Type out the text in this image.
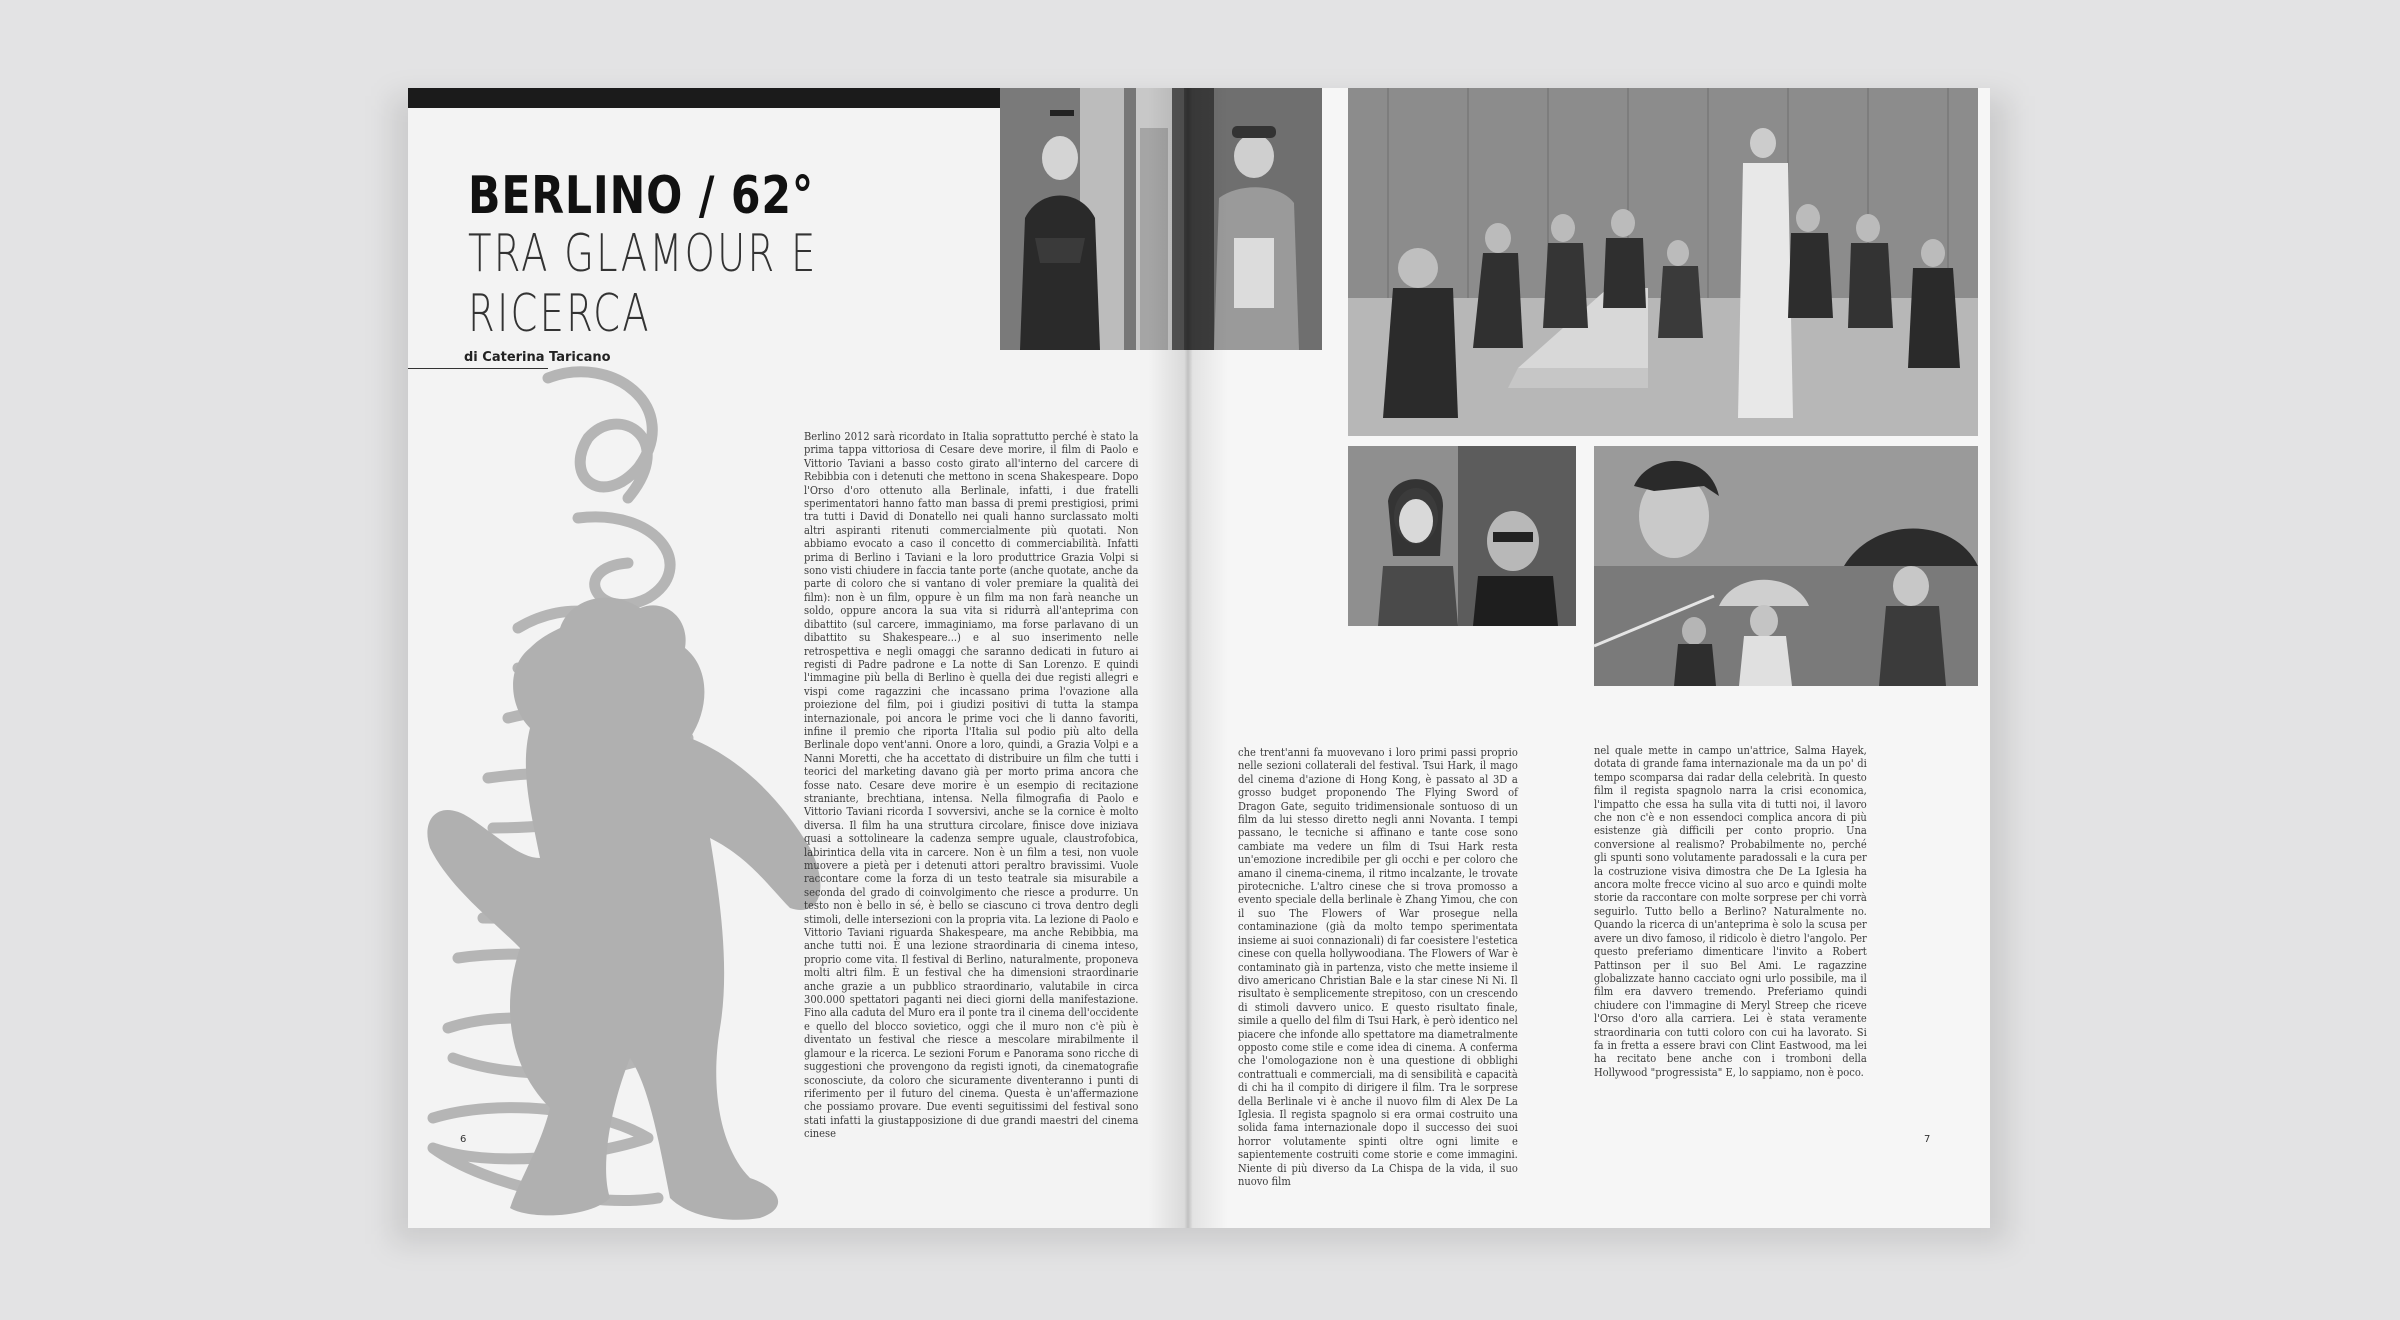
BERLINO / 62°
TRA GLAMOUR E RICERCA
di Caterina Taricano

Berlino 2012 sarà ricordato in Italia soprattutto perché è stato la prima tappa vittoriosa di Cesare deve morire, il film di Paolo e Vittorio Taviani a basso costo girato all'interno del carcere di Rebibbia con i detenuti che mettono in scena Shakespeare. Dopo l'Orso d'oro ottenuto alla Berlinale, infatti, i due fratelli sperimentatori hanno fatto man bassa di premi prestigiosi, primi tra tutti i David di Donatello nei quali hanno surclassato molti altri aspiranti ritenuti commercialmente più quotati. Non abbiamo evocato a caso il concetto di commerciabilità. Infatti prima di Berlino i Taviani e la loro produttrice Grazia Volpi si sono visti chiudere in faccia tante porte (anche quotate, anche da parte di coloro che si vantano di voler premiare la qualità dei film): non è un film, oppure è un film ma non farà neanche un soldo, oppure ancora la sua vita si ridurrà all'anteprima con dibattito (sul carcere, immaginiamo, ma forse parlavano di un dibattito su Shakespeare...) e al suo inserimento nelle retrospettiva e negli omaggi che saranno dedicati in futuro ai registi di Padre padrone e La notte di San Lorenzo. E quindi l'immagine più bella di Berlino è quella dei due registi allegri e vispi come ragazzini che incassano prima l'ovazione alla proiezione del film, poi i giudizi positivi di tutta la stampa internazionale, poi ancora le prime voci che li danno favoriti, infine il premio che riporta l'Italia sul podio più alto della Berlinale dopo vent'anni. Onore a loro, quindi, a Grazia Volpi e a Nanni Moretti, che ha accettato di distribuire un film che tutti i teorici del marketing davano già per morto prima ancora che fosse nato. Cesare deve morire è un esempio di recitazione straniante, brechtiana, intensa. Nella filmografia di Paolo e Vittorio Taviani ricorda I sovversivi, anche se la cornice è molto diversa. Il film ha una struttura circolare, finisce dove iniziava quasi a sottolineare la cadenza sempre uguale, claustrofobica, labirintica della vita in carcere. Non è un film a tesi, non vuole muovere a pietà per i detenuti attori peraltro bravissimi. Vuole raccontare come la forza di un testo teatrale sia misurabile a seconda del grado di coinvolgimento che riesce a produrre. Un testo non è bello in sé, è bello se ciascuno ci trova dentro degli stimoli, delle intersezioni con la propria vita. La lezione di Paolo e Vittorio Taviani riguarda Shakespeare, ma anche Rebibbia, ma anche tutti noi. È una lezione straordinaria di cinema inteso, proprio come vita. Il festival di Berlino, naturalmente, proponeva molti altri film. È un festival che ha dimensioni straordinarie anche grazie a un pubblico straordinario, valutabile in circa 300.000 spettatori paganti nei dieci giorni della manifestazione. Fino alla caduta del Muro era il ponte tra il cinema dell'occidente e quello del blocco sovietico, oggi che il muro non c'è più è diventato un festival che riesce a mescolare mirabilmente il glamour e la ricerca. Le sezioni Forum e Panorama sono ricche di suggestioni che provengono da registi ignoti, da cinematografie sconosciute, da coloro che sicuramente diventeranno i punti di riferimento per il futuro del cinema. Questa è un'affermazione che possiamo provare. Due eventi seguitissimi del festival sono stati infatti la giustapposizione di due grandi maestri del cinema cinese

6

che trent'anni fa muovevano i loro primi passi proprio nelle sezioni collaterali del festival. Tsui Hark, il mago del cinema d'azione di Hong Kong, è passato al 3D a grosso budget proponendo The Flying Sword of Dragon Gate, seguito tridimensionale sontuoso di un film da lui stesso diretto negli anni Novanta. I tempi passano, le tecniche si affinano e tante cose sono cambiate ma vedere un film di Tsui Hark resta un'emozione incredibile per gli occhi e per coloro che amano il cinema-cinema, il ritmo incalzante, le trovate pirotecniche. L'altro cinese che si trova promosso a evento speciale della berlinale è Zhang Yimou, che con il suo The Flowers of War prosegue nella contaminazione (già da molto tempo sperimentata insieme ai suoi connazionali) di far coesistere l'estetica cinese con quella hollywoodiana. The Flowers of War è contaminato già in partenza, visto che mette insieme il divo americano Christian Bale e la star cinese Ni Ni. Il risultato è semplicemente strepitoso, con un crescendo di stimoli davvero unico. E questo risultato finale, simile a quello del film di Tsui Hark, è però identico nel piacere che infonde allo spettatore ma diametralmente opposto come stile e come idea di cinema. A conferma che l'omologazione non è una questione di obblighi contrattuali e commerciali, ma di sensibilità e capacità di chi ha il compito di dirigere il film. Tra le sorprese della Berlinale vi è anche il nuovo film di Alex De La Iglesia. Il regista spagnolo si era ormai costruito una solida fama internazionale dopo il successo dei suoi horror volutamente spinti oltre ogni limite e sapientemente costruiti come storie e come immagini. Niente di più diverso da La Chispa de la vida, il suo nuovo film

nel quale mette in campo un'attrice, Salma Hayek, dotata di grande fama internazionale ma da un po' di tempo scomparsa dai radar della celebrità. In questo film il regista spagnolo narra la crisi economica, l'impatto che essa ha sulla vita di tutti noi, il lavoro che non c'è e non essendoci complica ancora di più esistenze già difficili per conto proprio. Una conversione al realismo? Probabilmente no, perché gli spunti sono volutamente paradossali e la cura per la costruzione visiva dimostra che De La Iglesia ha ancora molte frecce vicino al suo arco e quindi molte storie da raccontare con molte sorprese per chi vorrà seguirlo. Tutto bello a Berlino? Naturalmente no. Quando la ricerca di un'anteprima è solo la scusa per avere un divo famoso, il ridicolo è dietro l'angolo. Per questo preferiamo dimenticare l'invito a Robert Pattinson per il suo Bel Ami. Le ragazzine globalizzate hanno cacciato ogni urlo possibile, ma il film era davvero tremendo. Preferiamo quindi chiudere con l'immagine di Meryl Streep che riceve l'Orso d'oro alla carriera. Lei è stata veramente straordinaria con tutti coloro con cui ha lavorato. Si fa in fretta a essere bravi con Clint Eastwood, ma lei ha recitato bene anche con i tromboni della Hollywood "progressista" E, lo sappiamo, non è poco.

7
